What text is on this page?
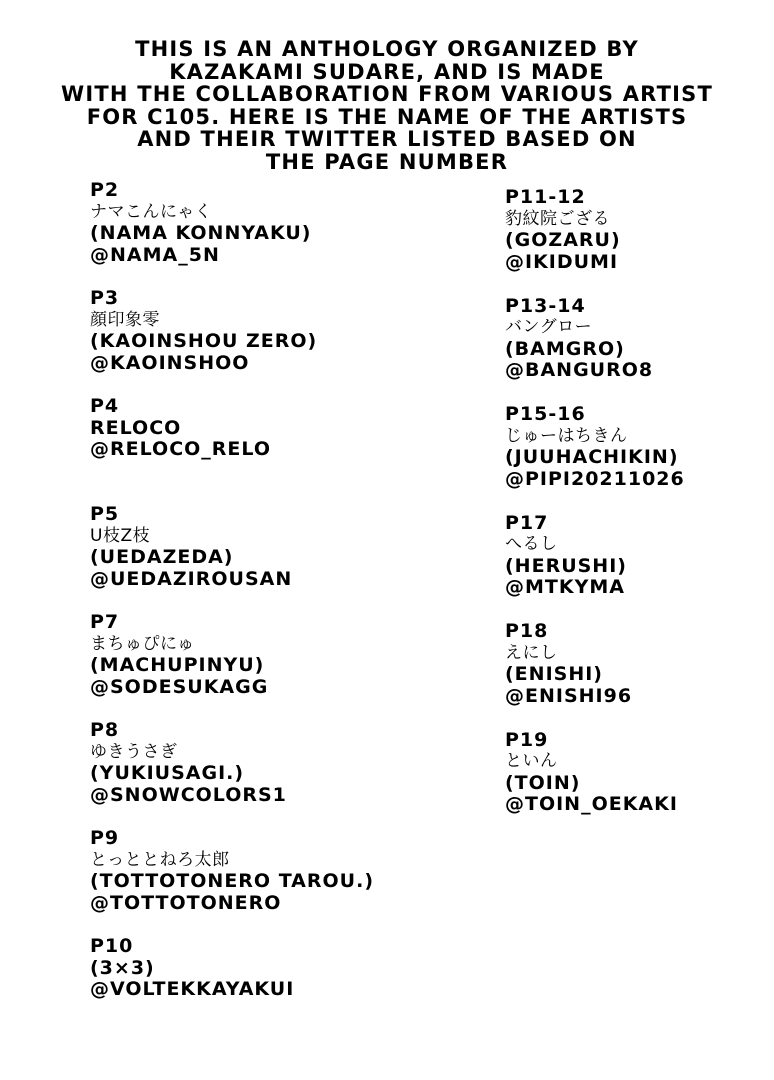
THIS IS AN ANTHOLOGY ORGANIZED BY
KAZAKAMI SUDARE, AND IS MADE
WITH THE COLLABORATION FROM VARIOUS ARTIST
FOR C105. HERE IS THE NAME OF THE ARTISTS
AND THEIR TWITTER LISTED BASED ON
THE PAGE NUMBER
P2
ナマこんにゃく
(NAMA KONNYAKU)
@NAMA_5N
P3
顔印象零
(KAOINSHOU ZERO)
@KAOINSHOO
P4
RELOCO
@RELOCO_RELO
P5
U枝Z枝
(UEDAZEDA)
@UEDAZIROUSAN
P7
まちゅぴにゅ
(MACHUPINYU)
@SODESUKAGG
P8
ゆきうさぎ
(YUKIUSAGI.)
@SNOWCOLORS1
P9
とっととねろ太郎
(TOTTOTONERO TAROU.)
@TOTTOTONERO
P10
(3×3)
@VOLTEKKAYAKUI
P11-12
豹紋院ござる
(GOZARU)
@IKIDUMI
P13-14
バングロー
(BAMGRO)
@BANGURO8
P15-16
じゅーはちきん
(JUUHACHIKIN)
@PIPI20211026
P17
へるし
(HERUSHI)
@MTKYMA
P18
えにし
(ENISHI)
@ENISHI96
P19
といん
(TOIN)
@TOIN_OEKAKI
